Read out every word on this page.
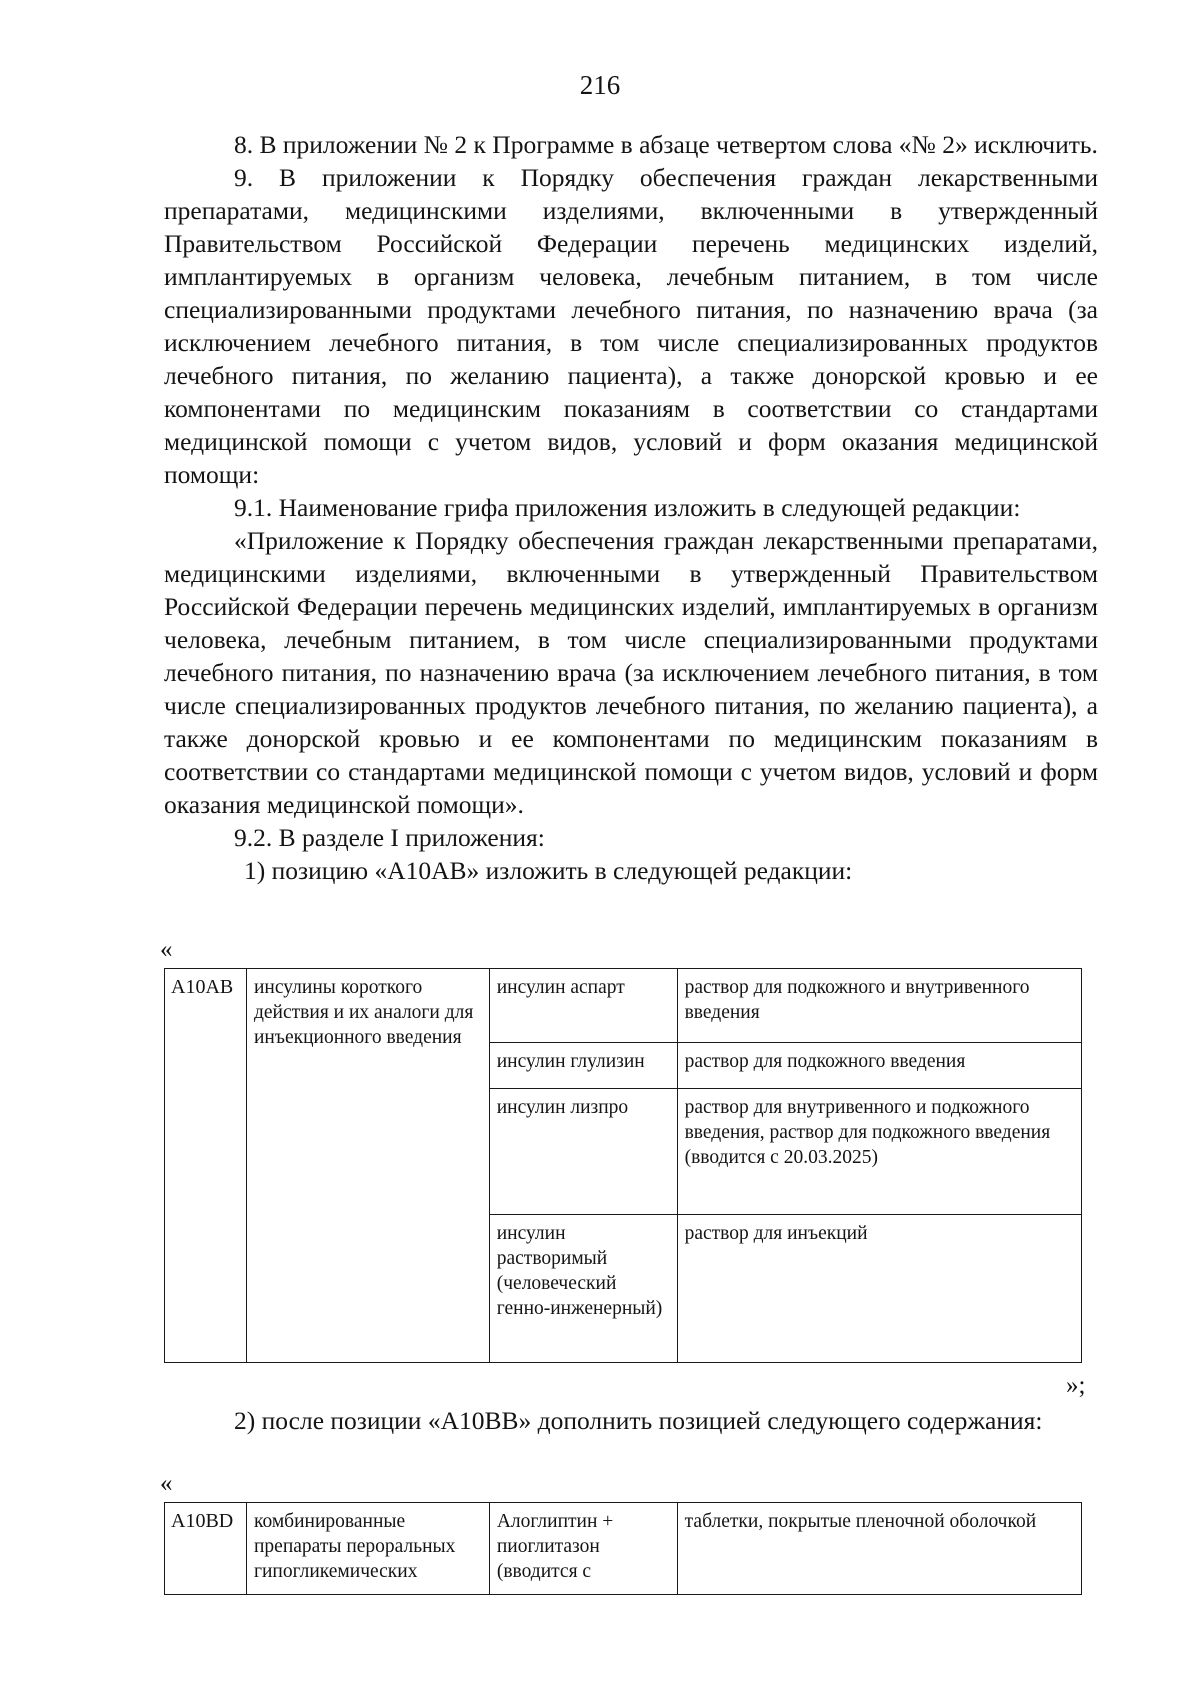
216

8. В приложении № 2 к Программе в абзаце четвертом слова «№ 2» исключить.

9. В приложении к Порядку обеспечения граждан лекарственными препаратами, медицинскими изделиями, включенными в утвержденный Правительством Российской Федерации перечень медицинских изделий, имплантируемых в организм человека, лечебным питанием, в том числе специализированными продуктами лечебного питания, по назначению врача (за исключением лечебного питания, в том числе специализированных продуктов лечебного питания, по желанию пациента), а также донорской кровью и ее компонентами по медицинским показаниям в соответствии со стандартами медицинской помощи с учетом видов, условий и форм оказания медицинской помощи:

9.1. Наименование грифа приложения изложить в следующей редакции:

«Приложение к Порядку обеспечения граждан лекарственными препаратами, медицинскими изделиями, включенными в утвержденный Правительством Российской Федерации перечень медицинских изделий, имплантируемых в организм человека, лечебным питанием, в том числе специализированными продуктами лечебного питания, по назначению врача (за исключением лечебного питания, в том числе специализированных продуктов лечебного питания, по желанию пациента), а также донорской кровью и ее компонентами по медицинским показаниям в соответствии со стандартами медицинской помощи с учетом видов, условий и форм оказания медицинской помощи».

9.2. В разделе I приложения:

1) позицию «A10AB» изложить в следующей редакции:

«
A10AB	инсулины короткого действия и их аналоги для инъекционного введения	инсулин аспарт	раствор для подкожного и внутривенного введения
		инсулин глулизин	раствор для подкожного введения
		инсулин лизпро	раствор для внутривенного и подкожного введения, раствор для подкожного введения (вводится с 20.03.2025)
		инсулин растворимый (человеческий генно-инженерный)	раствор для инъекций
»;

2) после позиции «A10BB» дополнить позицией следующего содержания:

«
A10BD	комбинированные препараты пероральных гипогликемических	Алоглиптин + пиоглитазон (вводится с	таблетки, покрытые пленочной оболочкой
